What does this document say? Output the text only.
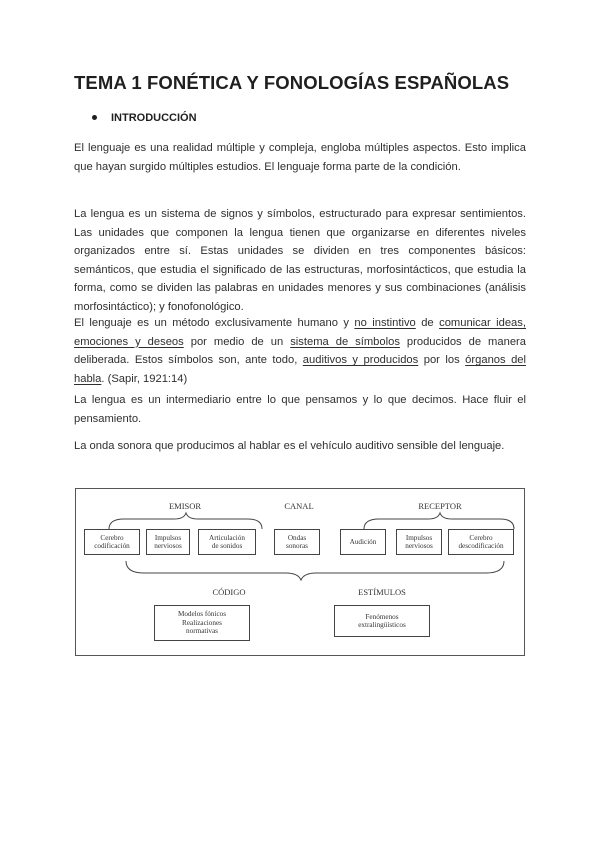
TEMA 1 FONÉTICA Y FONOLOGÍAS ESPAÑOLAS
INTRODUCCIÓN

El lenguaje es una realidad múltiple y compleja, engloba múltiples aspectos. Esto implica que hayan surgido múltiples estudios. El lenguaje forma parte de la condición.

La lengua es un sistema de signos y símbolos, estructurado para expresar sentimientos. Las unidades que componen la lengua tienen que organizarse en diferentes niveles organizados entre sí. Estas unidades se dividen en tres componentes básicos: semánticos, que estudia el significado de las estructuras, morfosintácticos, que estudia la forma, como se dividen las palabras en unidades menores y sus combinaciones (análisis morfosintáctico); y fonofonológico.

El lenguaje es un método exclusivamente humano y no instintivo de comunicar ideas, emociones y deseos por medio de un sistema de símbolos producidos de manera deliberada. Estos símbolos son, ante todo, auditivos y producidos por los órganos del habla. (Sapir, 1921:14)

La lengua es un intermediario entre lo que pensamos y lo que decimos. Hace fluir el pensamiento.

La onda sonora que producimos al hablar es el vehículo auditivo sensible del lenguaje.

EMISOR	CANAL	RECEPTOR
Cerebro
codificación
Impulsos
nerviosos
Articulación
de sonidos
Ondas
sonoras
Audición
Impulsos
nerviosos
Cerebro
descodificación
CÓDIGO	ESTÍMULOS
Modelos fónicos
Realizaciones
normativas
Fenómenos
extralingüísticos
